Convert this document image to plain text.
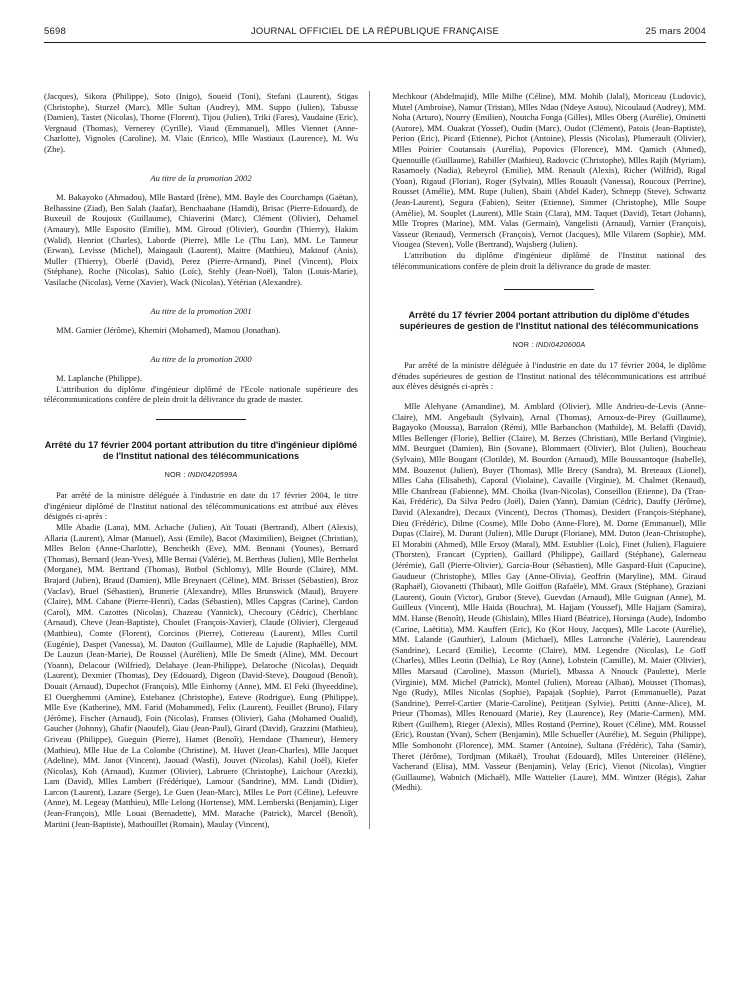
5698	JOURNAL OFFICIEL DE LA RÉPUBLIQUE FRANÇAISE	25 mars 2004

(Jacques), Sikora (Philippe), Soto (Inigo), Soueid (Toni), Stefani (Laurent), Stigas (Christophe), Sturzel (Marc), Mlle Sultan (Audrey), MM. Suppo (Julien), Tabusse (Damien), Tastet (Nicolas), Thorne (Florent), Tijou (Julien), Triki (Fares), Vaudaine (Eric), Vergnaud (Thomas), Vernerey (Cyrille), Viaud (Emmanuel), Mlles Viennet (Anne-Charlotte), Vignoles (Caroline), M. Vlaic (Enrico), Mlle Wastiaux (Laurence), M. Wu (Zhe).

Au titre de la promotion 2002

M. Bakayoko (Ahmadou), Mlle Bastard (Irène), MM. Bayle des Courchamps (Gaëtan), Belhassine (Ziad), Ben Salah (Jaafar), Benchaabane (Hamdi), Brisac (Pierre-Edouard), de Buxeuil de Roujoux (Guillaume), Chiaverini (Marc), Clément (Olivier), Dehamel (Amaury), Mlle Esposito (Emilie), MM. Giroud (Olivier), Gourdin (Thierry), Hakim (Walid), Henriot (Charles), Laborde (Pierre), Mlle Le (Thu Lan), MM. Le Tanneur (Erwan), Levisse (Michel), Maingault (Laurent), Maitre (Matthieu), Maktouf (Anis), Muller (Thierry), Oberlé (David), Perez (Pierre-Armand), Pinel (Vincent), Ploix (Stéphane), Roche (Nicolas), Sahio (Loïc), Stehly (Jean-Noël), Talon (Louis-Marie), Vasilache (Nicolas), Verne (Xavier), Wack (Nicolas), Yétérian (Alexandre).

Au titre de la promotion 2001

MM. Garnier (Jérôme), Khemiri (Mohamed), Mamou (Jonathan).

Au titre de la promotion 2000

M. Laplanche (Philippe).

L'attribution du diplôme d'ingénieur diplômé de l'Ecole nationale supérieure des télécommunications confère de plein droit la délivrance du grade de master.

Arrêté du 17 février 2004 portant attribution du titre d'ingénieur diplômé de l'Institut national des télécommunications
NOR : INDI0420599A

Par arrêté de la ministre déléguée à l'industrie en date du 17 février 2004, le titre d'ingénieur diplômé de l'Institut national des télécommunications est attribué aux élèves désignés ci-après :

Mlle Abadie (Lana), MM. Achache (Julien), Aït Touati (Bertrand), Albert (Alexis), Allaria (Laurent), Almar (Manuel), Assi (Emile), Bacot (Maximilien), Beignet (Christian), Mlles Belon (Anne-Charlotte), Bencheikh (Eve), MM. Bennani (Younes), Bernard (Thomas), Bernard (Jean-Yves), Mlle Bernai (Valérie), M. Bertheas (Julien), Mlle Berthelot (Morgane), MM. Bertrand (Thomas), Botbol (Schlomy), Mlle Bourde (Claire), MM. Brajard (Julien), Braud (Damien), Mlle Breynaert (Céline), MM. Brisset (Sébastien), Broz (Vaclav), Bruel (Sébastien), Brunerie (Alexandre), Mlles Brunswick (Maud), Bruyere (Claire), MM. Cabane (Pierre-Henri), Cadas (Sébastien), Mlles Capgras (Carine), Cardon (Carol), MM. Cazottes (Nicolas), Chazeau (Yannick), Checoury (Cédric), Cherblanc (Arnaud), Cheve (Jean-Baptiste), Choulet (François-Xavier), Claude (Olivier), Clergeaud (Matthieu), Comte (Florent), Corcinos (Pierre), Cottereau (Laurent), Mlles Curtil (Eugénie), Daspet (Vanessa), M. Dauton (Guillaume), Mlle de Lajudie (Raphaëlle), MM. De Lauzun (Jean-Marie), De Roussel (Aurélien), Mlle De Smedt (Aline), MM. Decourt (Yoann), Delacour (Wilfried), Delahaye (Jean-Philippe), Delaroche (Nicolas), Dequidt (Laurent), Dexmier (Thomas), Dey (Edouard), Digeon (David-Steve), Dougoud (Benoît), Douait (Arnaud), Dupechot (François), Mlle Einhorny (Anne), MM. El Feki (Ihyeeddine), El Ouerghemmi (Amine), Estebanez (Christophe), Esteve (Rodrigue), Eung (Philippe), Mlle Eve (Katherine), MM. Farid (Mohammed), Felix (Laurent), Feuillet (Bruno), Filary (Jérôme), Fischer (Arnaud), Foin (Nicolas), Franses (Olivier), Gaha (Mohamed Oualid), Gaucher (Johnny), Ghafir (Naoufel), Giau (Jean-Paul), Girard (David), Grazzini (Mathieu), Griveau (Philippe), Gueguin (Pierre), Hamet (Benoît), Hemdane (Thameur), Hemery (Mathieu), Mlle Hue de La Colombe (Christine), M. Huvet (Jean-Charles), Mlle Jacquet (Adeline), MM. Janot (Vincent), Jaouad (Wasfi), Jouvet (Nicolas), Kahil (Joël), Kiefer (Nicolas), Koh (Arnaud), Kuzmer (Olivier), Labruere (Christophe), Laichour (Arezki), Lam (David), Mlles Lambert (Frédérique), Lamour (Sandrine), MM. Landi (Didier), Larcon (Laurent), Lazare (Serge), Le Guen (Jean-Marc), Mlles Le Port (Céline), Lefeuvre (Anne), M. Legeay (Matthieu), Mlle Lelong (Hortense), MM. Lemberski (Benjamin), Liger (Jean-François), Mlle Louai (Bernadette), MM. Marache (Patrick), Marcel (Benoît), Martini (Jean-Baptiste), Mathouillet (Romain), Maulay (Vincent),

Mechkour (Abdelmajid), Mlle Milhe (Céline), MM. Mohib (Jalal), Moriceau (Ludovic), Mutel (Ambroise), Namur (Tristan), Mlles Ndao (Ndeye Astou), Nicoulaud (Audrey), MM. Noha (Arturo), Nourry (Emilien), Noutcha Fonga (Gilles), Mlles Oberg (Aurélie), Ominetti (Aurore), MM. Ouakrat (Yossef), Oudin (Marc), Oudot (Clément), Patois (Jean-Baptiste), Perion (Eric), Picard (Etienne), Pichot (Antoine), Plessis (Nicolas), Plumerault (Olivier), Mlles Poirier Coutansais (Aurélia), Popovics (Florence), MM. Qamich (Ahmed), Quenouille (Guillaume), Rabiller (Mathieu), Radovcic (Christophe), Mlles Rajih (Myriam), Rasamoely (Nadia), Rebeyrol (Emilie), MM. Renault (Alexis), Richer (Wilfrid), Rigal (Yoan), Rigaud (Florian), Roger (Sylvain), Mlles Rouault (Vanessa), Roucoux (Perrine), Rousset (Amélie), MM. Rupe (Julien), Sbaiti (Abdel Kader), Schnepp (Steve), Schwartz (Jean-Laurent), Segura (Fabien), Seiter (Etienne), Simmer (Christophe), Mlle Soupe (Amélie), M. Souplet (Laurent), Mlle Stain (Clara), MM. Taquet (David), Tetart (Johann), Mlle Tropres (Marine), MM. Valas (Germain), Vangelisti (Arnaud), Varnier (François), Vasseur (Renaud), Vermersch (François), Vernot (Jacques), Mlle Vilarem (Sophie), MM. Viougea (Steven), Volle (Bertrand), Wajsberg (Julien).

L'attribution du diplôme d'ingénieur diplômé de l'Institut national des télécommunications confère de plein droit la délivrance du grade de master.

Arrêté du 17 février 2004 portant attribution du diplôme d'études supérieures de gestion de l'Institut national des télécommunications
NOR : INDI0420600A

Par arrêté de la ministre déléguée à l'industrie en date du 17 février 2004, le diplôme d'études supérieures de gestion de l'Institut national des télécommunications est attribué aux élèves désignés ci-après :

Mlle Alehyane (Amandine), M. Amblard (Olivier), Mlle Andrieu-de-Levis (Anne-Claire), MM. Angebault (Sylvain), Arnal (Thomas), Arnoux-de-Pirey (Guillaume), Bagayoko (Moussa), Barralon (Rémi), Mlle Barbanchon (Mathilde), M. Belaffi (David), Mlles Bellenger (Florie), Bellier (Claire), M. Berzes (Christian), Mlle Berland (Virginie), MM. Beurguet (Damien), Bin (Sovane), Blommaert (Olivier), Blot (Julien), Boucheau (Sylvain), Mlle Bougant (Clotilde), M. Bourdon (Arnaud), Mlle Boussantoque (Isabelle), MM. Bouzenot (Julien), Buyer (Thomas), Mlle Brecy (Sandra), M. Breteaux (Lionel), Mlles Caha (Elisabeth), Caporal (Violaine), Cavaille (Virginie), M. Chalmet (Renaud), Mlle Chanfreau (Fabienne), MM. Choika (Ivan-Nicolas), Conseillou (Etienne), Da (Tran-Kai, Frédéric), Da Silva Pedro (Joël), Daien (Yann), Damian (Cédric), Dauffy (Jérôme), David (Alexandre), Decaux (Vincent), Decros (Thomas), Desidert (François-Stéphane), Dieu (Frédéric), Dilme (Cosme), Mlle Dobo (Anne-Flore), M. Dorne (Emmanuel), Mlle Dupas (Claire), M. Durant (Julien), Mlle Durupt (Floriane), MM. Duton (Jean-Christophe), El Morabiti (Ahmed), Mlle Ersoy (Maral), MM. Estublier (Loïc), Finet (Julien), Flaguiere (Thorsten), Francart (Cyprien), Gaillard (Philippe), Gaillard (Stéphane), Galerneau (Jérémie), Gall (Pierre-Olivier), Garcia-Bour (Sébastien), Mlle Gaspard-Huit (Capucine), Gaudueur (Christophe), Mlles Gay (Anne-Olivia), Geoffrin (Maryline), MM. Giraud (Raphaël), Giovanetti (Thibaut), Mlle Goiffon (Rafaële), MM. Graux (Stéphane), Graziani (Laurent), Gouin (Victor), Grubor (Steve), Guevdan (Arnaud), Mlle Guignan (Anne), M. Guilleux (Vincent), Mlle Haida (Bouchra), M. Hajjam (Youssef), Mlle Hajjam (Samira), MM. Hanse (Benoît), Heude (Ghislain), Mlles Hiard (Béatrice), Horsinga (Aude), Indombo (Carine, Laëtitia), MM. Kauffert (Eric), Ko (Kor Houy, Jacques), Mlle Lacote (Aurélie), MM. Lalande (Gauthier), Laloum (Michael), Mlles Latronche (Valérie), Laurendeau (Sandrine), Lecard (Emilie), Lecomte (Claire), MM. Legendre (Nicolas), Le Goff (Charles), Mlles Leotin (Delhia), Le Roy (Anne), Lobstein (Camille), M. Maier (Olivier), Mlles Marsaud (Caroline), Masson (Muriel), Mbassa A Nnouck (Paulette), Merle (Virginie), MM. Michel (Patrick), Montel (Julien), Moreau (Alban), Mousset (Thomas), Ngo (Rudy), Mlles Nicolas (Sophie), Papajak (Sophie), Parrot (Emmanuelle), Pazat (Sandrine), Perrel-Cartier (Marie-Caroline), Petitjean (Sylvie), Petitti (Anne-Alice), M. Prieur (Thomas), Mlles Renouard (Marie), Rey (Laurence), Rey (Marie-Carmen), MM. Ribert (Guilhem), Rieger (Alexis), Mlles Rostand (Perrine), Rouet (Céline), MM. Roussel (Eric), Roustan (Yvan), Scherr (Benjamin), Mlle Schueller (Aurélie), M. Seguin (Philippe), Mlle Sombonoht (Florence), MM. Stamer (Antoine), Sultana (Frédéric), Taha (Samir), Theret (Jérôme), Tordjman (Mikaël), Trouhat (Edouard), Mlles Untereiner (Hélène), Vacherand (Elisa), MM. Vasseur (Benjamin), Velay (Eric), Vienot (Nicolas), Vingtier (Guillaume), Wabnich (Michaël), Mlle Wattelier (Laure), MM. Wintzer (Régis), Zahar (Medhi).
